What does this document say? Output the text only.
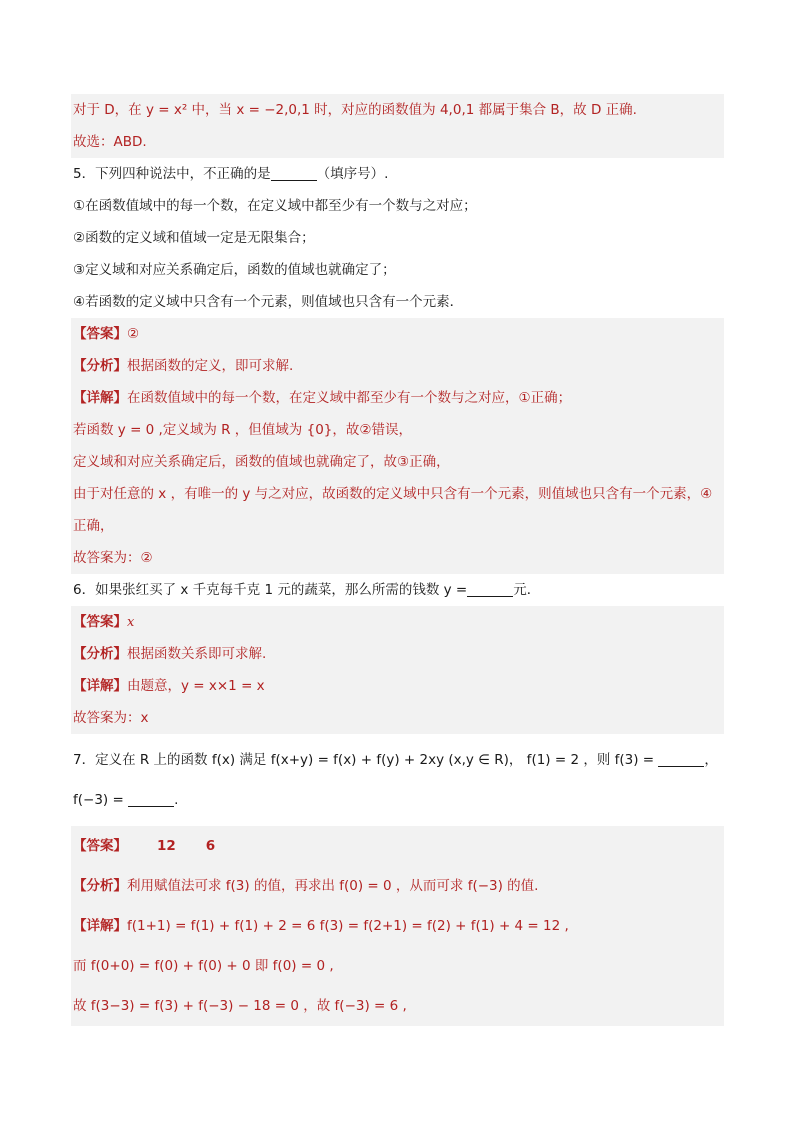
对于 D，在 y = x² 中，当 x = −2,0,1 时，对应的函数值为 4,0,1 都属于集合 B，故 D 正确.
故选：ABD.
5．下列四种说法中，不正确的是	（填序号）.
①在函数值域中的每一个数，在定义域中都至少有一个数与之对应；
②函数的定义域和值域一定是无限集合；
③定义域和对应关系确定后，函数的值域也就确定了；
④若函数的定义域中只含有一个元素，则值域也只含有一个元素．
【答案】②
【分析】根据函数的定义，即可求解.
【详解】在函数值域中的每一个数，在定义域中都至少有一个数与之对应，①正确；
若函数 y = 0 ,定义域为 R ，但值域为 {0}，故②错误，
定义域和对应关系确定后，函数的值域也就确定了，故③正确，
由于对任意的 x ，有唯一的 y 与之对应，故函数的定义域中只含有一个元素，则值域也只含有一个元素，④
正确，
故答案为：②
6．如果张红买了 x 千克每千克 1 元的蔬菜，那么所需的钱数 y =	元．
【答案】x
【分析】根据函数关系即可求解.
【详解】由题意，y = x×1 = x
故答案为：x
7．定义在 R 上的函数 f(x) 满足 f(x+y) = f(x) + f(y) + 2xy (x,y ∈ R)， f(1) = 2 ，则 f(3) =	，
f(−3) =	.
【答案】 12 6
【分析】利用赋值法可求 f(3) 的值，再求出 f(0) = 0 ，从而可求 f(−3) 的值.
【详解】f(1+1) = f(1) + f(1) + 2 = 6 f(3) = f(2+1) = f(2) + f(1) + 4 = 12 ,
而 f(0+0) = f(0) + f(0) + 0 即 f(0) = 0 ,
故 f(3−3) = f(3) + f(−3) − 18 = 0 ，故 f(−3) = 6 ,
